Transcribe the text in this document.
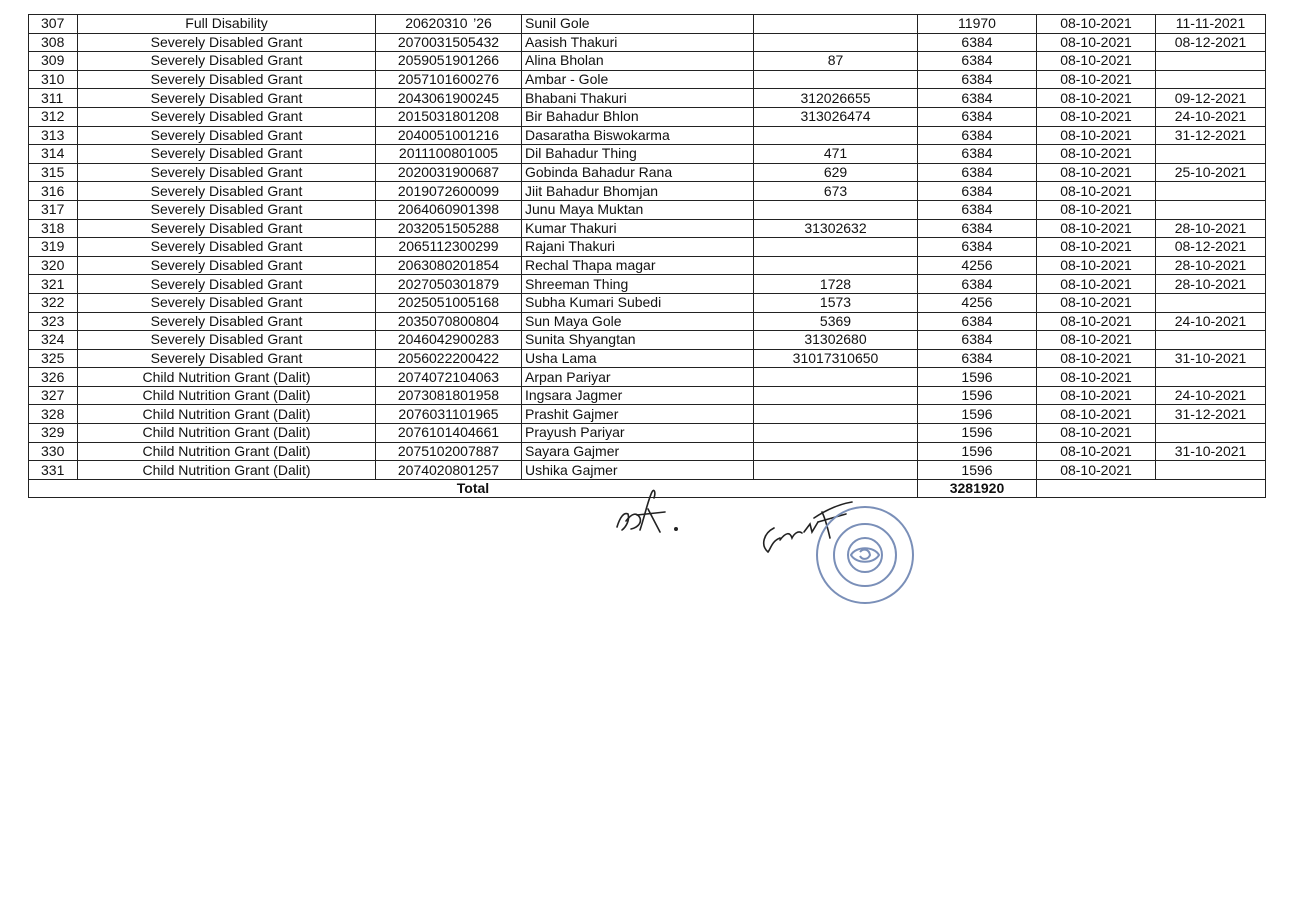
307	Full Disability	20620310  ’26	Sunil Gole		11970	08-10-2021	11-11-2021
308	Severely Disabled Grant	2070031505432	Aasish Thakuri		6384	08-10-2021	08-12-2021
309	Severely Disabled Grant	2059051901266	Alina Bholan	87	6384	08-10-2021	
310	Severely Disabled Grant	2057101600276	Ambar - Gole		6384	08-10-2021	
311	Severely Disabled Grant	2043061900245	Bhabani Thakuri	312026655	6384	08-10-2021	09-12-2021
312	Severely Disabled Grant	2015031801208	Bir Bahadur Bhlon	313026474	6384	08-10-2021	24-10-2021
313	Severely Disabled Grant	2040051001216	Dasaratha Biswokarma		6384	08-10-2021	31-12-2021
314	Severely Disabled Grant	2011100801005	Dil Bahadur Thing	471	6384	08-10-2021	
315	Severely Disabled Grant	2020031900687	Gobinda Bahadur Rana	629	6384	08-10-2021	25-10-2021
316	Severely Disabled Grant	2019072600099	Jiit Bahadur Bhomjan	673	6384	08-10-2021	
317	Severely Disabled Grant	2064060901398	Junu Maya Muktan		6384	08-10-2021	
318	Severely Disabled Grant	2032051505288	Kumar Thakuri	31302632	6384	08-10-2021	28-10-2021
319	Severely Disabled Grant	2065112300299	Rajani Thakuri		6384	08-10-2021	08-12-2021
320	Severely Disabled Grant	2063080201854	Rechal Thapa magar		4256	08-10-2021	28-10-2021
321	Severely Disabled Grant	2027050301879	Shreeman Thing	1728	6384	08-10-2021	28-10-2021
322	Severely Disabled Grant	2025051005168	Subha Kumari Subedi	1573	4256	08-10-2021	
323	Severely Disabled Grant	2035070800804	Sun Maya Gole	5369	6384	08-10-2021	24-10-2021
324	Severely Disabled Grant	2046042900283	Sunita Shyangtan	31302680	6384	08-10-2021	
325	Severely Disabled Grant	2056022200422	Usha Lama	31017310650	6384	08-10-2021	31-10-2021
326	Child Nutrition Grant (Dalit)	2074072104063	Arpan Pariyar		1596	08-10-2021	
327	Child Nutrition Grant (Dalit)	2073081801958	Ingsara Jagmer		1596	08-10-2021	24-10-2021
328	Child Nutrition Grant (Dalit)	2076031101965	Prashit Gajmer		1596	08-10-2021	31-12-2021
329	Child Nutrition Grant (Dalit)	2076101404661	Prayush Pariyar		1596	08-10-2021	
330	Child Nutrition Grant (Dalit)	2075102007887	Sayara Gajmer		1596	08-10-2021	31-10-2021
331	Child Nutrition Grant (Dalit)	2074020801257	Ushika Gajmer		1596	08-10-2021	
Total					3281920		
